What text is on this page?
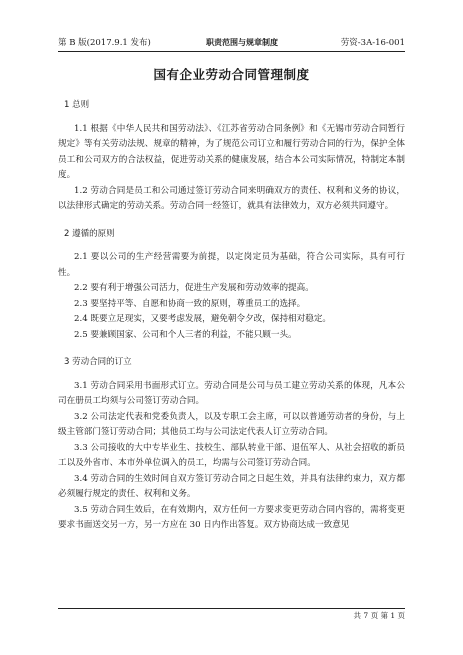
第 B 版(2017.9.1 发布)	职责范围与规章制度	劳资-3A-16-001
国有企业劳动合同管理制度
1 总则

1.1 根据《中华人民共和国劳动法》、《江苏省劳动合同条例》和《无锡市劳动合同暂行规定》等有关劳动法规、规章的精神，为了规范公司订立和履行劳动合同的行为，保护全体员工和公司双方的合法权益，促进劳动关系的健康发展，结合本公司实际情况，特制定本制度。

1.2 劳动合同是员工和公司通过签订劳动合同来明确双方的责任、权利和义务的协议，以法律形式确定的劳动关系。劳动合同一经签订，就具有法律效力，双方必须共同遵守。

2 遵循的原则

2.1 要以公司的生产经营需要为前提，以定岗定员为基础，符合公司实际，具有可行性。

2.2 要有利于增强公司活力，促进生产发展和劳动效率的提高。

2.3 要坚持平等、自愿和协商一致的原则，尊重员工的选择。

2.4 既要立足现实，又要考虑发展，避免朝令夕改，保持相对稳定。

2.5 要兼顾国家、公司和个人三者的利益，不能只顾一头。

3 劳动合同的订立

3.1 劳动合同采用书面形式订立。劳动合同是公司与员工建立劳动关系的体现，凡本公司在册员工均须与公司签订劳动合同。

3.2 公司法定代表和党委负责人，以及专职工会主席，可以以普通劳动者的身份，与上级主管部门签订劳动合同；其他员工均与公司法定代表人订立劳动合同。

3.3 公司接收的大中专毕业生、技校生、部队转业干部、退伍军人、从社会招收的新员工以及外省市、本市外单位调入的员工，均需与公司签订劳动合同。

3.4 劳动合同的生效时间自双方签订劳动合同之日起生效，并具有法律约束力，双方都必须履行规定的责任、权利和义务。

3.5 劳动合同生效后，在有效期内，双方任何一方要求变更劳动合同内容的，需将变更要求书面送交另一方，另一方应在 30 日内作出答复。双方协商达成一致意见

共 7 页 第 1 页
